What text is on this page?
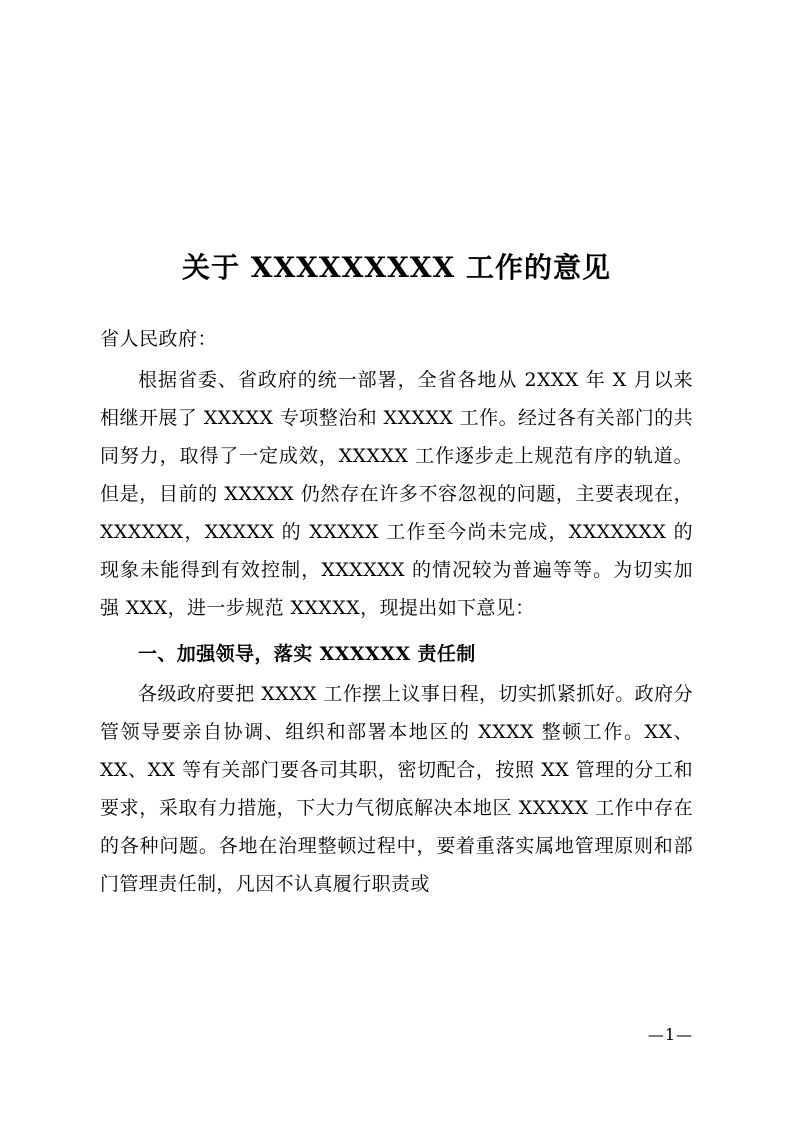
关于 XXXXXXXXX 工作的意见

省人民政府：

根据省委、省政府的统一部署，全省各地从 2XXX 年 X 月以来相继开展了 XXXXX 专项整治和 XXXXX 工作。经过各有关部门的共同努力，取得了一定成效，XXXXX 工作逐步走上规范有序的轨道。但是，目前的 XXXXX 仍然存在许多不容忽视的问题，主要表现在，XXXXXX，XXXXX 的 XXXXX 工作至今尚未完成，XXXXXXX 的现象未能得到有效控制，XXXXXX 的情况较为普遍等等。为切实加强 XXX，进一步规范 XXXXX，现提出如下意见：

一、加强领导，落实 XXXXXX 责任制

各级政府要把 XXXX 工作摆上议事日程，切实抓紧抓好。政府分管领导要亲自协调、组织和部署本地区的 XXXX 整顿工作。XX、XX、XX 等有关部门要各司其职，密切配合，按照 XX 管理的分工和要求，采取有力措施，下大力气彻底解决本地区 XXXXX 工作中存在的各种问题。各地在治理整顿过程中，要着重落实属地管理原则和部门管理责任制，凡因不认真履行职责或

—1—
